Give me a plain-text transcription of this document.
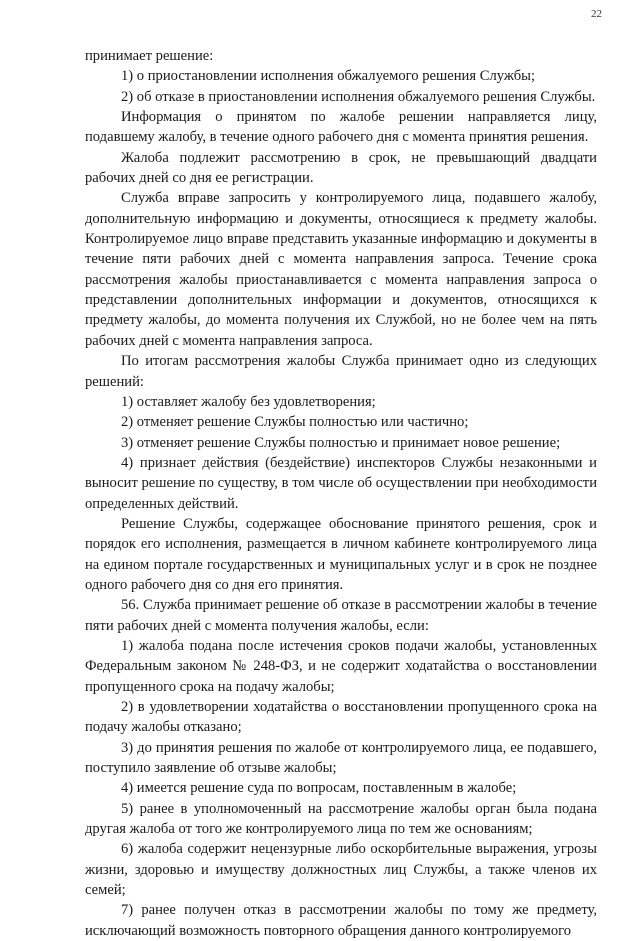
22

принимает решение:

1) о приостановлении исполнения обжалуемого решения Службы;

2) об отказе в приостановлении исполнения обжалуемого решения Службы.

Информация о принятом по жалобе решении направляется лицу, подавшему жалобу, в течение одного рабочего дня с момента принятия решения.

Жалоба подлежит рассмотрению в срок, не превышающий двадцати рабочих дней со дня ее регистрации.

Служба вправе запросить у контролируемого лица, подавшего жалобу, дополнительную информацию и документы, относящиеся к предмету жалобы. Контролируемое лицо вправе представить указанные информацию и документы в течение пяти рабочих дней с момента направления запроса. Течение срока рассмотрения жалобы приостанавливается с момента направления запроса о представлении дополнительных информации и документов, относящихся к предмету жалобы, до момента получения их Службой, но не более чем на пять рабочих дней с момента направления запроса.

По итогам рассмотрения жалобы Служба принимает одно из следующих решений:

1) оставляет жалобу без удовлетворения;

2) отменяет решение Службы полностью или частично;

3) отменяет решение Службы полностью и принимает новое решение;

4) признает действия (бездействие) инспекторов Службы незаконными и выносит решение по существу, в том числе об осуществлении при необходимости определенных действий.

Решение Службы, содержащее обоснование принятого решения, срок и порядок его исполнения, размещается в личном кабинете контролируемого лица на едином портале государственных и муниципальных услуг и в срок не позднее одного рабочего дня со дня его принятия.

56. Служба принимает решение об отказе в рассмотрении жалобы в течение пяти рабочих дней с момента получения жалобы, если:

1) жалоба подана после истечения сроков подачи жалобы, установленных Федеральным законом № 248-ФЗ, и не содержит ходатайства о восстановлении пропущенного срока на подачу жалобы;

2) в удовлетворении ходатайства о восстановлении пропущенного срока на подачу жалобы отказано;

3) до принятия решения по жалобе от контролируемого лица, ее подавшего, поступило заявление об отзыве жалобы;

4) имеется решение суда по вопросам, поставленным в жалобе;

5) ранее в уполномоченный на рассмотрение жалобы орган была подана другая жалоба от того же контролируемого лица по тем же основаниям;

6) жалоба содержит нецензурные либо оскорбительные выражения, угрозы жизни, здоровью и имуществу должностных лиц Службы, а также членов их семей;

7) ранее получен отказ в рассмотрении жалобы по тому же предмету, исключающий возможность повторного обращения данного контролируемого
